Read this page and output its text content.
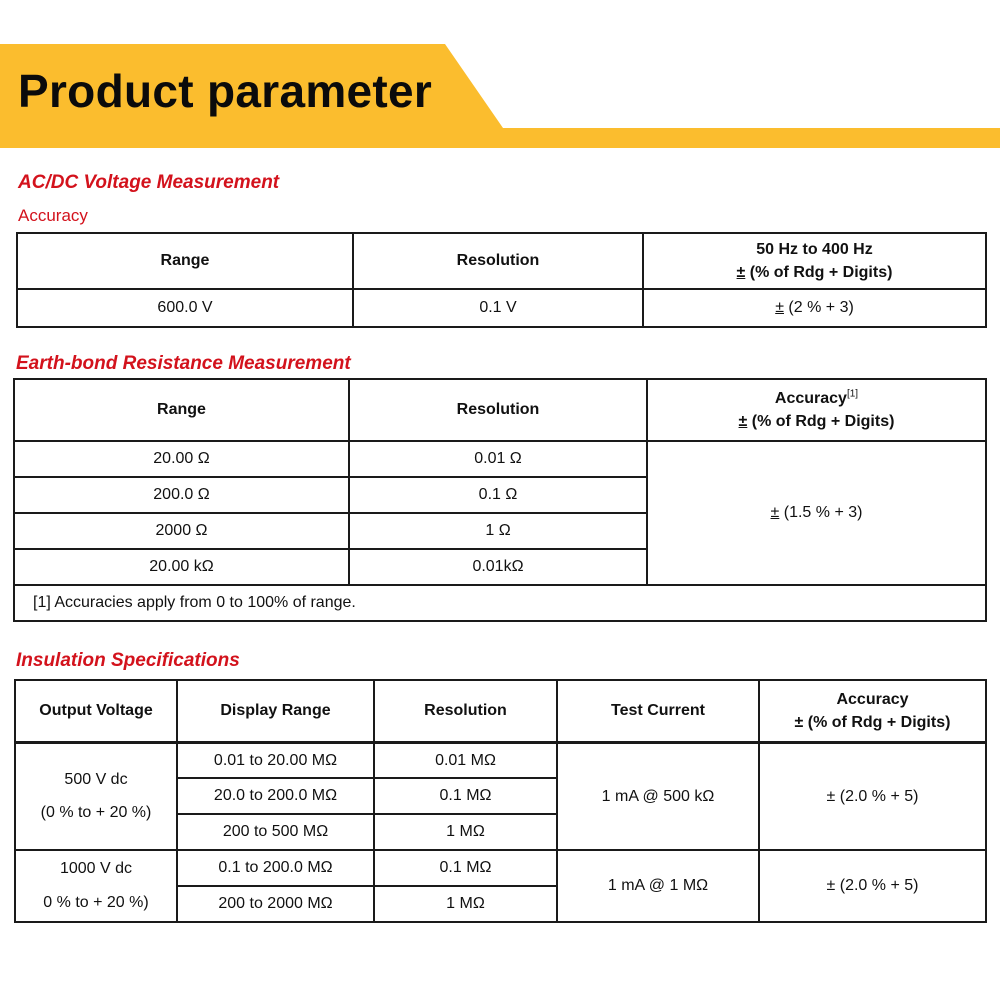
Product parameter
AC/DC Voltage Measurement
Accuracy
Range	Resolution	50 Hz to 400 Hz
± (% of Rdg + Digits)
600.0 V	0.1 V	± (2 % + 3)
Earth-bond Resistance Measurement
Range	Resolution	Accuracy[1]
± (% of Rdg + Digits)
20.00 Ω	0.01 Ω	± (1.5 % + 3)
200.0 Ω	0.1 Ω	
2000 Ω	1 Ω	
20.00 kΩ	0.01kΩ	
[1] Accuracies apply from 0 to 100% of range.		
Insulation Specifications
Output Voltage	Display Range	Resolution	Test Current	Accuracy
± (% of Rdg + Digits)
500 V dc
(0 % to + 20 %)	0.01 to 20.00 MΩ	0.01 MΩ	1 mA @ 500 kΩ	± (2.0 % + 5)
	20.0 to 200.0 MΩ	0.1 MΩ		
	200 to 500 MΩ	1 MΩ		
1000 V dc
0 % to + 20 %)	0.1 to 200.0 MΩ	0.1 MΩ	1 mA @ 1 MΩ	± (2.0 % + 5)
	200 to 2000 MΩ	1 MΩ		
